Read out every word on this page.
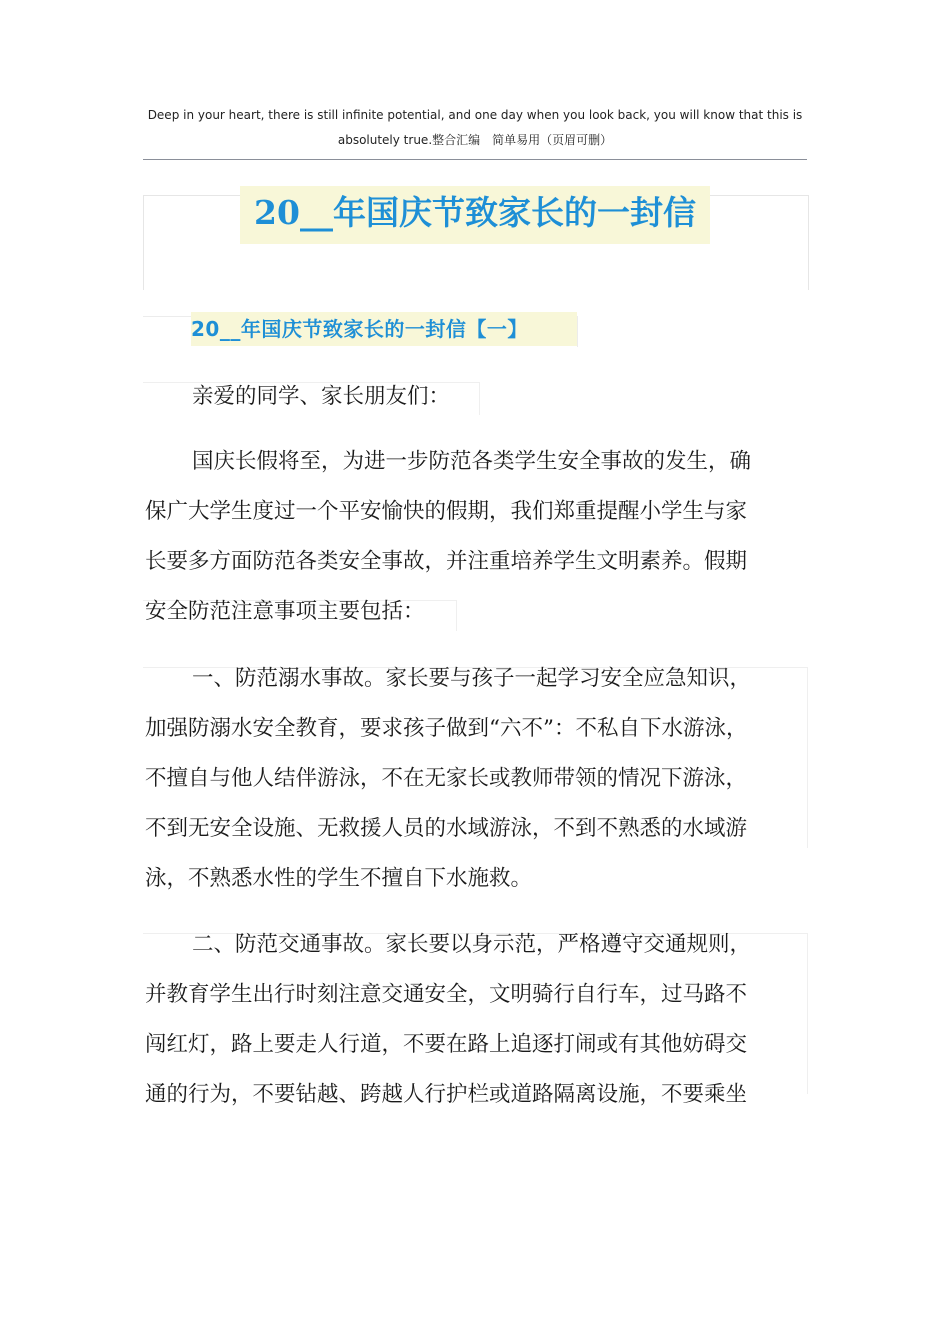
Deep in your heart, there is still infinite potential, and one day when you look back, you will know that this is
absolutely true.整合汇编　简单易用（页眉可删）
20__年国庆节致家长的一封信
20__年国庆节致家长的一封信【一】
亲爱的同学、家长朋友们：
国庆长假将至，为进一步防范各类学生安全事故的发生，确
保广大学生度过一个平安愉快的假期，我们郑重提醒小学生与家
长要多方面防范各类安全事故，并注重培养学生文明素养。假期
安全防范注意事项主要包括：
一、防范溺水事故。家长要与孩子一起学习安全应急知识，
加强防溺水安全教育，要求孩子做到“六不”：不私自下水游泳，
不擅自与他人结伴游泳，不在无家长或教师带领的情况下游泳，
不到无安全设施、无救援人员的水域游泳，不到不熟悉的水域游
泳，不熟悉水性的学生不擅自下水施救。
二、防范交通事故。家长要以身示范，严格遵守交通规则，
并教育学生出行时刻注意交通安全，文明骑行自行车，过马路不
闯红灯，路上要走人行道，不要在路上追逐打闹或有其他妨碍交
通的行为，不要钻越、跨越人行护栏或道路隔离设施，不要乘坐
